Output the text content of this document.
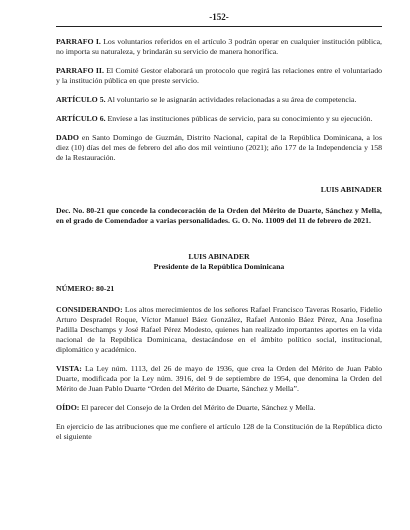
-152-

PARRAFO I. Los voluntarios referidos en el artículo 3 podrán operar en cualquier institución pública, no importa su naturaleza, y brindarán su servicio de manera honorífica.

PARRAFO II. El Comité Gestor elaborará un protocolo que regirá las relaciones entre el voluntariado y la institución pública en que preste servicio.

ARTÍCULO 5. Al voluntario se le asignarán actividades relacionadas a su área de competencia.

ARTÍCULO 6. Envíese a las instituciones públicas de servicio, para su conocimiento y su ejecución.

DADO en Santo Domingo de Guzmán, Distrito Nacional, capital de la República Dominicana, a los diez (10) días del mes de febrero del año dos mil veintiuno (2021); año 177 de la Independencia y 158 de la Restauración.

LUIS ABINADER
Dec. No. 80-21 que concede la condecoración de la Orden del Mérito de Duarte, Sánchez y Mella, en el grado de Comendador a varias personalidades. G. O. No. 11009 del 11 de febrero de 2021.
LUIS ABINADER
Presidente de la República Dominicana
NÚMERO: 80-21

CONSIDERANDO: Los altos merecimientos de los señores Rafael Francisco Taveras Rosario, Fidelio Arturo Despradel Roque, Víctor Manuel Báez González, Rafael Antonio Báez Pérez, Ana Josefina Padilla Deschamps y José Rafael Pérez Modesto, quienes han realizado importantes aportes en la vida nacional de la República Dominicana, destacándose en el ámbito político social, institucional, diplomático y académico.

VISTA: La Ley núm. 1113, del 26 de mayo de 1936, que crea la Orden del Mérito de Juan Pablo Duarte, modificada por la Ley núm. 3916, del 9 de septiembre de 1954, que denomina la Orden del Mérito de Juan Pablo Duarte “Orden del Mérito de Duarte, Sánchez y Mella”.

OÍDO: El parecer del Consejo de la Orden del Mérito de Duarte, Sánchez y Mella.

En ejercicio de las atribuciones que me confiere el artículo 128 de la Constitución de la República dicto el siguiente
